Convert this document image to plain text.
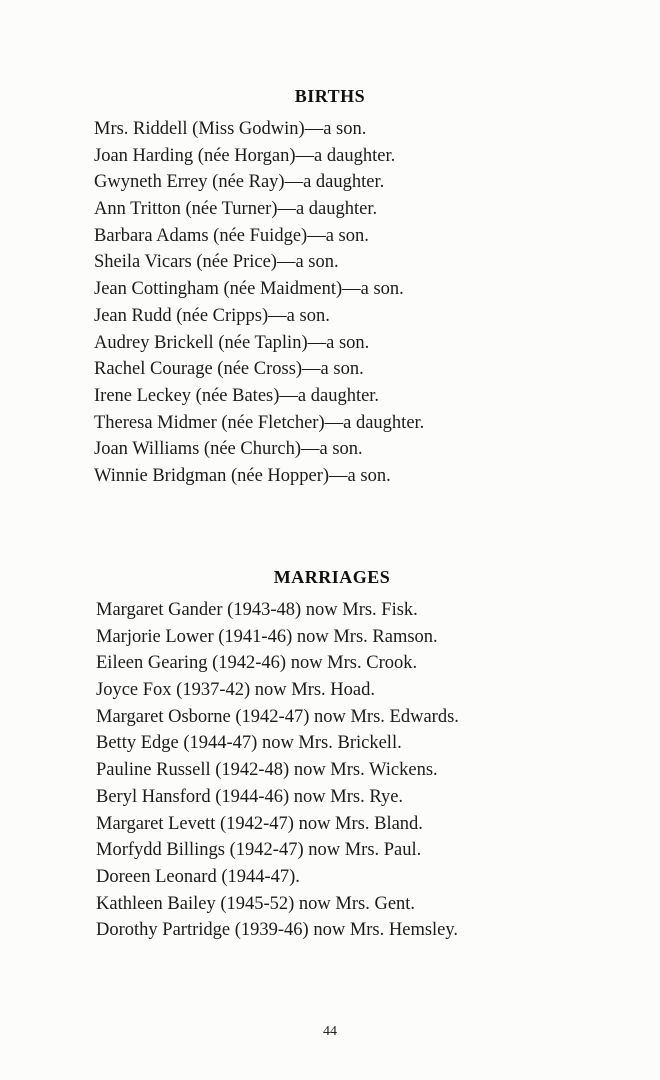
BIRTHS
Mrs. Riddell (Miss Godwin)—a son.
Joan Harding (née Horgan)—a daughter.
Gwyneth Errey (née Ray)—a daughter.
Ann Tritton (née Turner)—a daughter.
Barbara Adams (née Fuidge)—a son.
Sheila Vicars (née Price)—a son.
Jean Cottingham (née Maidment)—a son.
Jean Rudd (née Cripps)—a son.
Audrey Brickell (née Taplin)—a son.
Rachel Courage (née Cross)—a son.
Irene Leckey (née Bates)—a daughter.
Theresa Midmer (née Fletcher)—a daughter.
Joan Williams (née Church)—a son.
Winnie Bridgman (née Hopper)—a son.
MARRIAGES
Margaret Gander (1943-48) now Mrs. Fisk.
Marjorie Lower (1941-46) now Mrs. Ramson.
Eileen Gearing (1942-46) now Mrs. Crook.
Joyce Fox (1937-42) now Mrs. Hoad.
Margaret Osborne (1942-47) now Mrs. Edwards.
Betty Edge (1944-47) now Mrs. Brickell.
Pauline Russell (1942-48) now Mrs. Wickens.
Beryl Hansford (1944-46) now Mrs. Rye.
Margaret Levett (1942-47) now Mrs. Bland.
Morfydd Billings (1942-47) now Mrs. Paul.
Doreen Leonard (1944-47).
Kathleen Bailey (1945-52) now Mrs. Gent.
Dorothy Partridge (1939-46) now Mrs. Hemsley.
44
